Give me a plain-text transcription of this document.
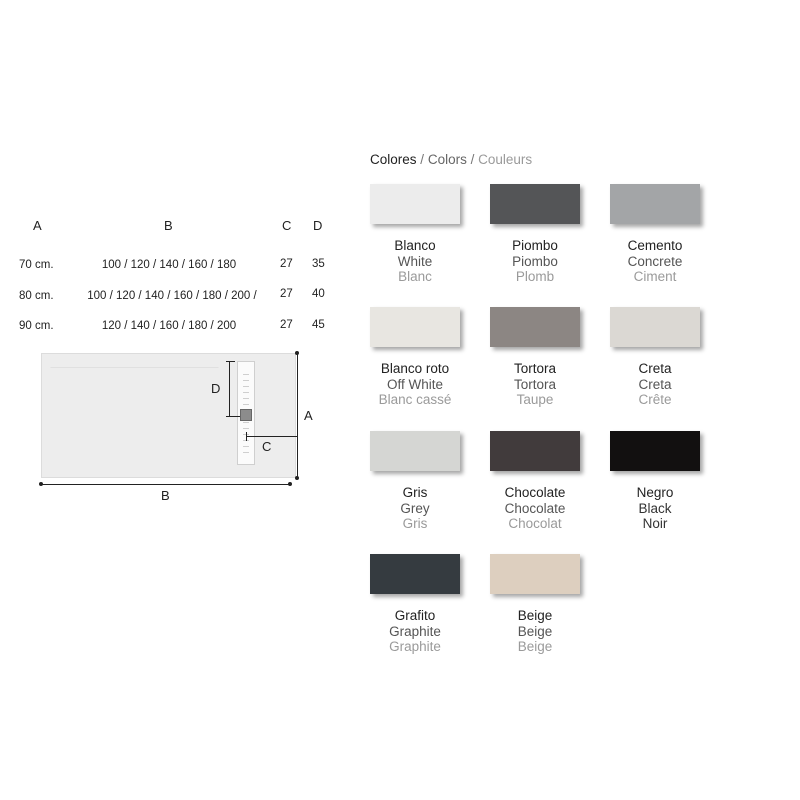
A	B	C D
70 cm.	100 / 120 / 140 / 160 / 180	27 35
80 cm.	100 / 120 / 140 / 160 / 180 / 200 /	27 40
90 cm.	120 / 140 / 160 / 180 / 200	27 45
D
C
A
B
Colores / Colors / Couleurs
Blanco
White
Blanc
Piombo
Piombo
Plomb
Cemento
Concrete
Ciment
Blanco roto
Off White
Blanc cassé
Tortora
Tortora
Taupe
Creta
Creta
Crête
Gris
Grey
Gris
Chocolate
Chocolate
Chocolat
Negro
Black
Noir
Grafito
Graphite
Graphite
Beige
Beige
Beige
